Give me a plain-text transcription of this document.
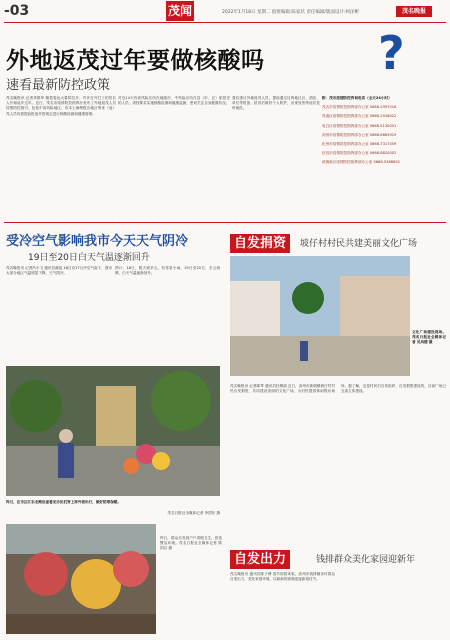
-03	茂闻	2022年1月18日 星期二 值班编辑:陈家状 责任编辑/版面设计:柯泽彬	茂名晚报
外地返茂过年要做核酸吗 ?
速看最新防控政策
茂名晚报讯 记者李群华 随着春运大幕的拉开，许多在外打工的茂名人开始返乡过年。近日，茂名市疫情防控指挥办发布了外地返茂人员疫情防控指引，包括中高风险地区、有本土病例报告地区等来（返）茂人员均需提前报备并按规定进行核酸检测和健康管理。
对近14天有高风险区所在地级市、中风险区所在县（市、区）旅居史的人员，须按要求实施核酸检测和健康监测，密切关注自身健康状况。
我们建议外地返茂人员，提前通过目的地社区、酒店、单位等报备，抵茂后做好个人防护，出现发热等症状及时就医。
附：茂市疫情防控咨询电话（全天24小时）
茂名市疫情防控指挥部办公室 0668-2997016
茂南区疫情防控指挥部办公室 0668-2918022
电白区疫情防控指挥部办公室 0668-5130051
高州市疫情防控指挥部办公室 0668-6663919
化州市疫情防控指挥部办公室 0668-7317059
信宜市疫情防控指挥部办公室 0668-8820002
滨海新区疫情防控指挥部办公室 0668-5386652
受冷空气影响我市今天天气阴冷
19日至20日白天气温逐渐回升
茂名晚报讯 记者冯小飞 通讯员谢蓓 16日至17日冷空气南下，我市大部分地区气温明显下降，天气阴冷。
预计，18日，阴天到多云，有零星小雨。19日至20日，多云到晴，白天气温逐渐回升。
昨日，在市区江东北路沿途看见市民们穿上厚外套出行，做好防寒保暖。
茂名日报社全媒体记者 李国东 摄
昨日，群众自发到户户清理卫生，营造整洁环境。茂名日报社全媒体记者 陈国汉 摄
自发捐资	坡仔村村民共建美丽文化广场
文化广场建设现场。茂名日报社全媒体记者 吴凤德 摄
茂名晚报讯 记者陈琴 通讯员杜锡丽 近日，高州市新垌镇坡仔村村民自发捐资，共同建设美丽的文化广场，为村民提供休闲娱乐场所。据了解，这是村民们自发组织、自发捐资建设的，目前广场已完成主体建设。
自发出力	钱排群众美化家园迎新年
茂名晚报讯 通讯员陈子博 春节即将来临，高州市钱排镇各村群众自发出力，美化家园环境，以崭新的面貌迎接新春佳节。
